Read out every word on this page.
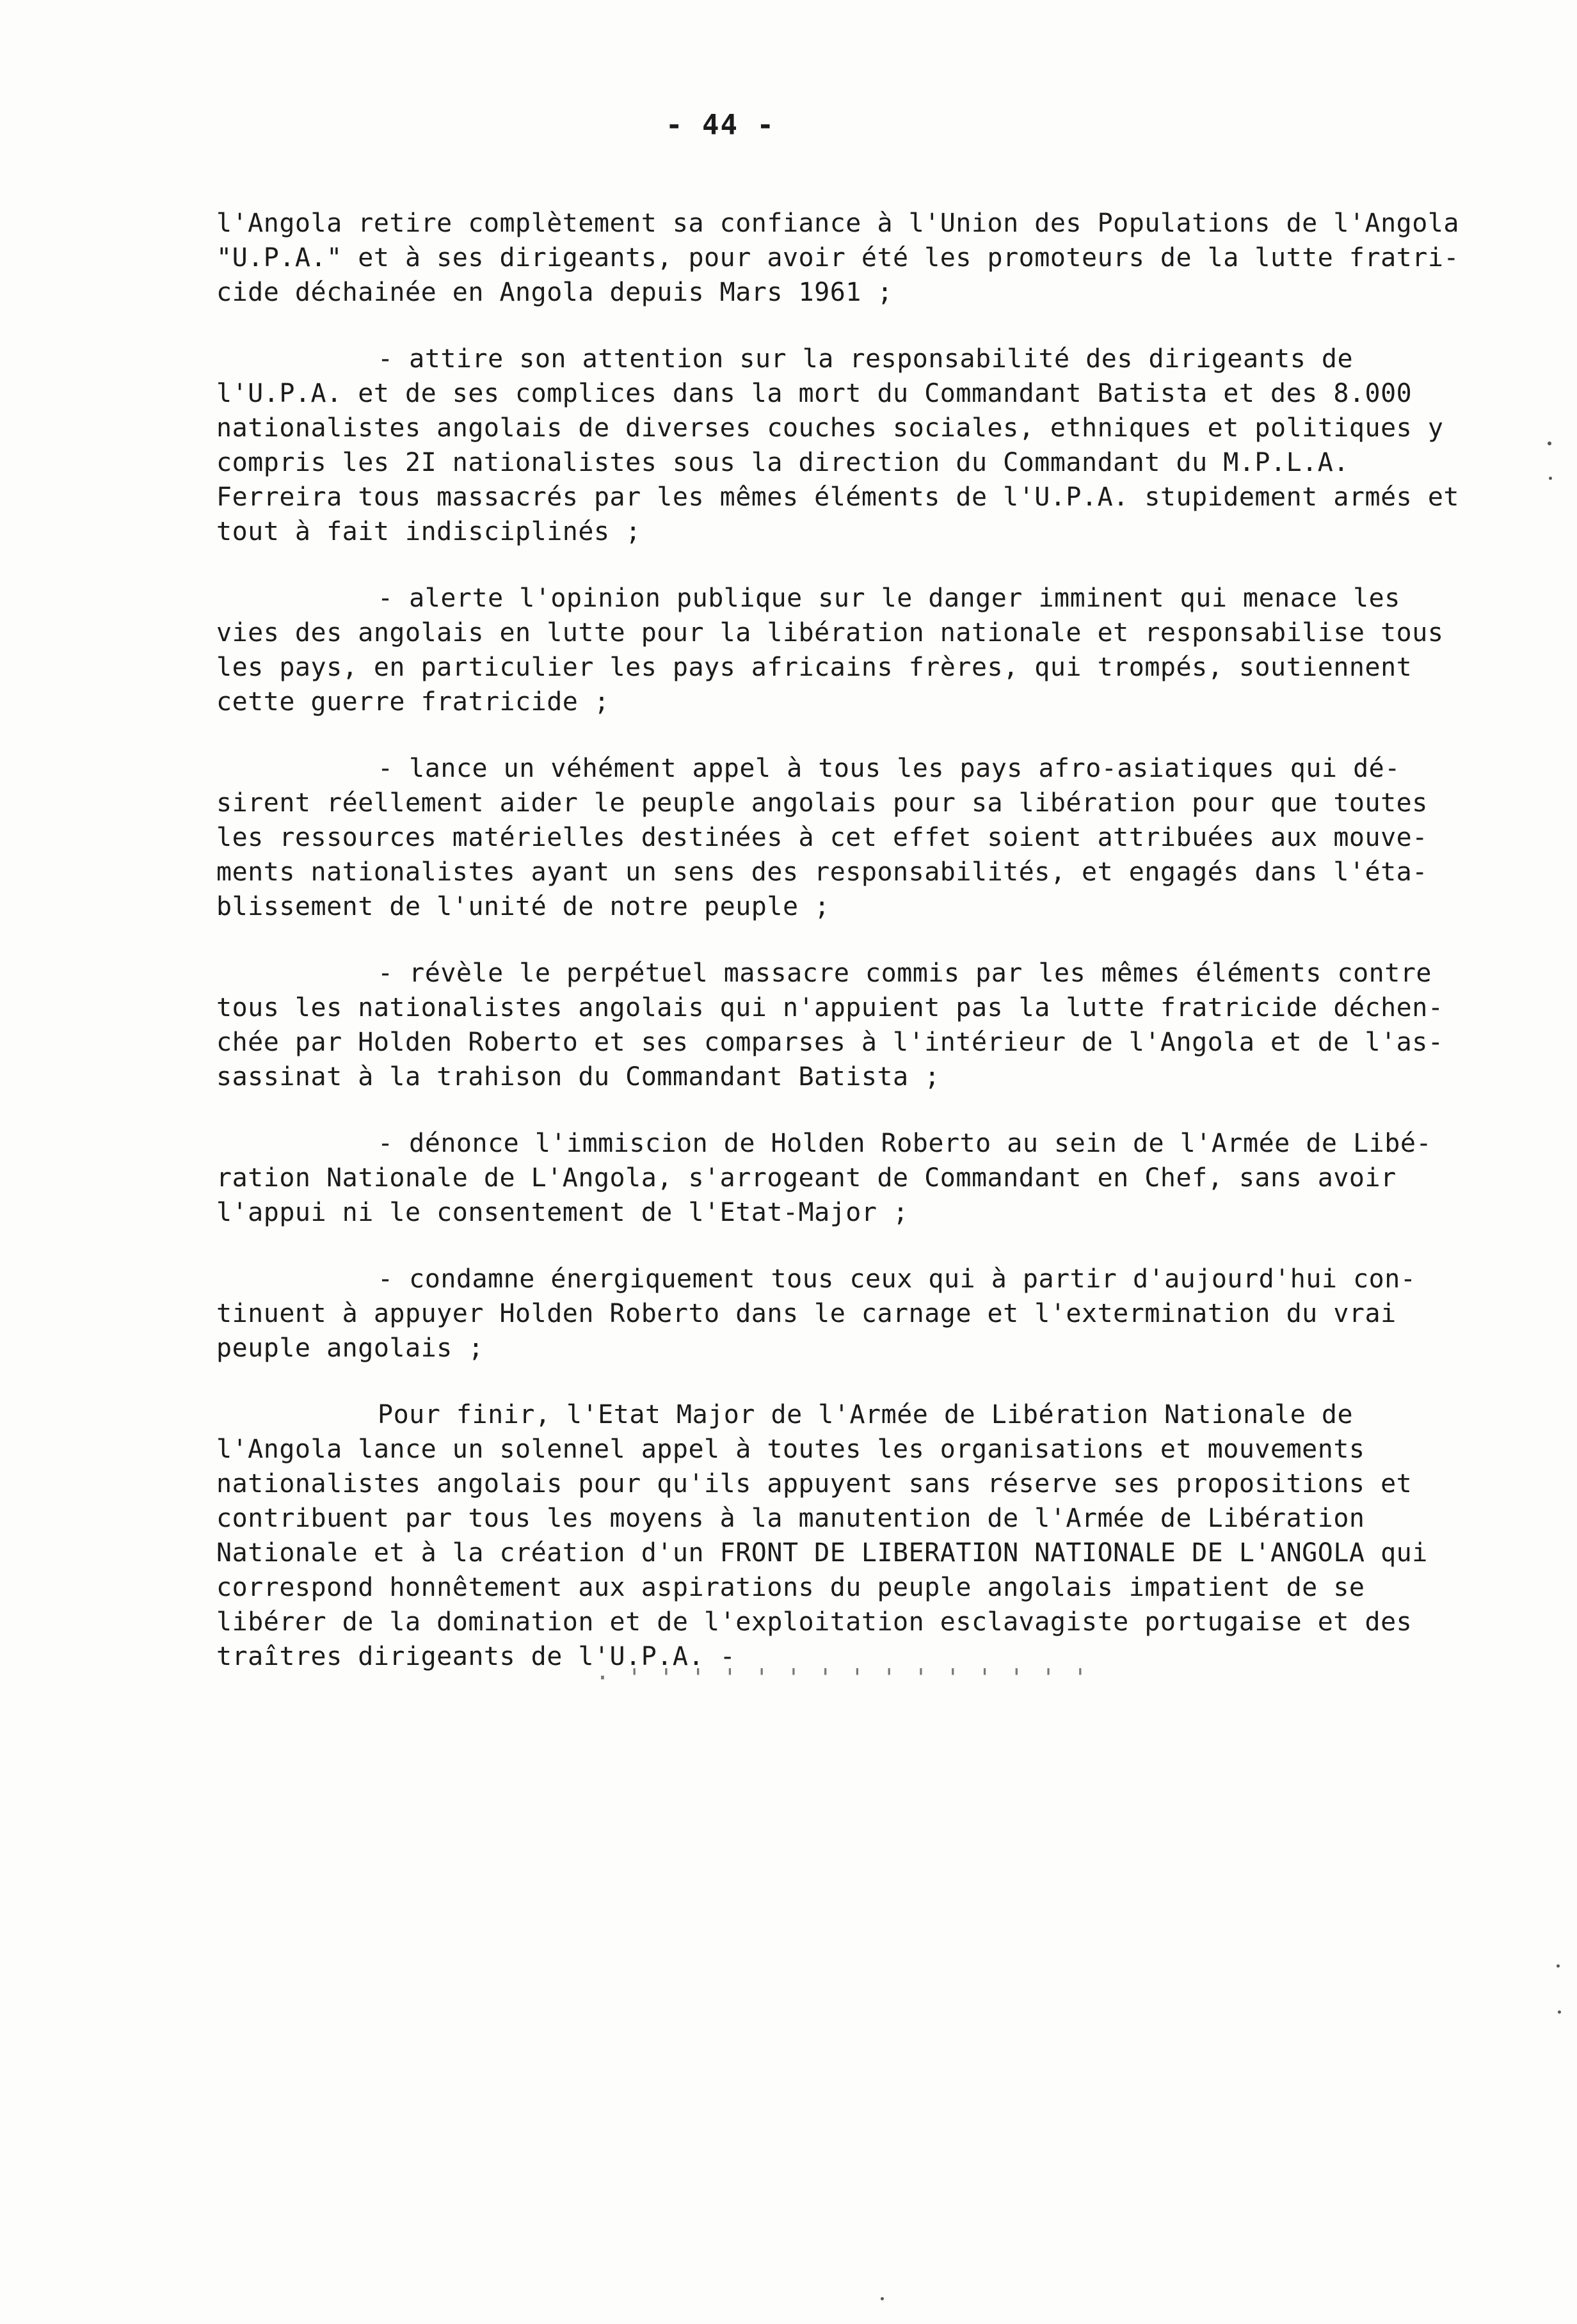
- 44 -
l'Angola retire complètement sa confiance à l'Union des Populations de l'Angola
"U.P.A." et à ses dirigeants, pour avoir été les promoteurs de la lutte fratri-
cide déchainée en Angola depuis Mars 1961 ;
- attire son attention sur la responsabilité des dirigeants de
l'U.P.A. et de ses complices dans la mort du Commandant Batista et des 8.000
nationalistes angolais de diverses couches sociales, ethniques et politiques y
compris les 2I nationalistes sous la direction du Commandant du M.P.L.A.
Ferreira tous massacrés par les mêmes éléments de l'U.P.A. stupidement armés et
tout à fait indisciplinés ;
- alerte l'opinion publique sur le danger imminent qui menace les
vies des angolais en lutte pour la libération nationale et responsabilise tous
les pays, en particulier les pays africains frères, qui trompés, soutiennent
cette guerre fratricide ;
- lance un véhément appel à tous les pays afro-asiatiques qui dé-
sirent réellement aider le peuple angolais pour sa libération pour que toutes
les ressources matérielles destinées à cet effet soient attribuées aux mouve-
ments nationalistes ayant un sens des responsabilités, et engagés dans l'éta-
blissement de l'unité de notre peuple ;
- révèle le perpétuel massacre commis par les mêmes éléments contre
tous les nationalistes angolais qui n'appuient pas la lutte fratricide déchen-
chée par Holden Roberto et ses comparses à l'intérieur de l'Angola et de l'as-
sassinat à la trahison du Commandant Batista ;
- dénonce l'immiscion de Holden Roberto au sein de l'Armée de Libé-
ration Nationale de L'Angola, s'arrogeant de Commandant en Chef, sans avoir
l'appui ni le consentement de l'Etat-Major ;
- condamne énergiquement tous ceux qui à partir d'aujourd'hui con-
tinuent à appuyer Holden Roberto dans le carnage et l'extermination du vrai
peuple angolais ;
Pour finir, l'Etat Major de l'Armée de Libération Nationale de
l'Angola lance un solennel appel à toutes les organisations et mouvements
nationalistes angolais pour qu'ils appuyent sans réserve ses propositions et
contribuent par tous les moyens à la manutention de l'Armée de Libération
Nationale et à la création d'un FRONT DE LIBERATION NATIONALE DE L'ANGOLA qui
correspond honnêtement aux aspirations du peuple angolais impatient de se
libérer de la domination et de l'exploitation esclavagiste portugaise et des
traîtres dirigeants de l'U.P.A. -
· ' ' ' ' ' ' ' ' ' ' ' ' ' ' '
